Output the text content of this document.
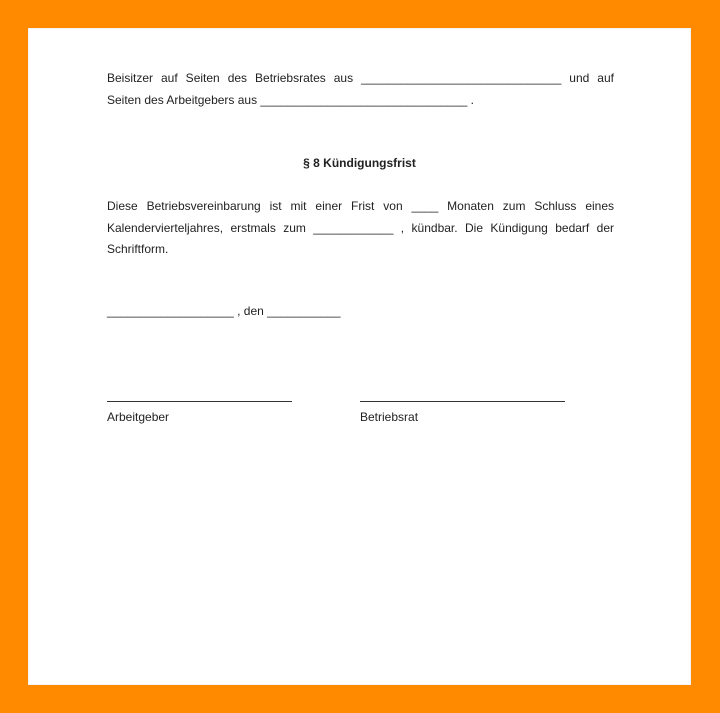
Beisitzer auf Seiten des Betriebsrates aus ______________________________ und auf
Seiten des Arbeitgebers aus _______________________________ .
§ 8 Kündigungsfrist
Diese Betriebsvereinbarung ist mit einer Frist von ____ Monaten zum Schluss eines
Kalendervierteljahres, erstmals zum ____________ , kündbar. Die Kündigung bedarf der
Schriftform.
___________________ , den ___________
Arbeitgeber	Betriebsrat
